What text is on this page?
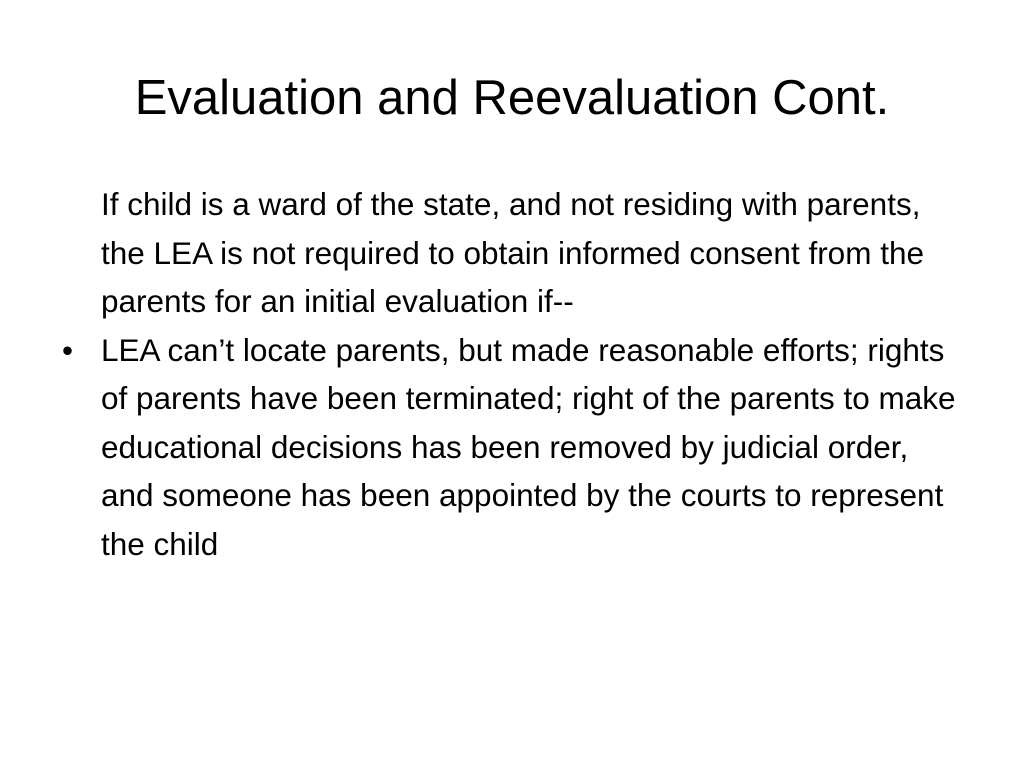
Evaluation and Reevaluation Cont.

If child is a ward of the state, and not residing with parents, the LEA is not required to obtain informed consent from the parents for an initial evaluation if--

• LEA can’t locate parents, but made reasonable efforts; rights of parents have been terminated; right of the parents to make educational decisions has been removed by judicial order, and someone has been appointed by the courts to represent the child
